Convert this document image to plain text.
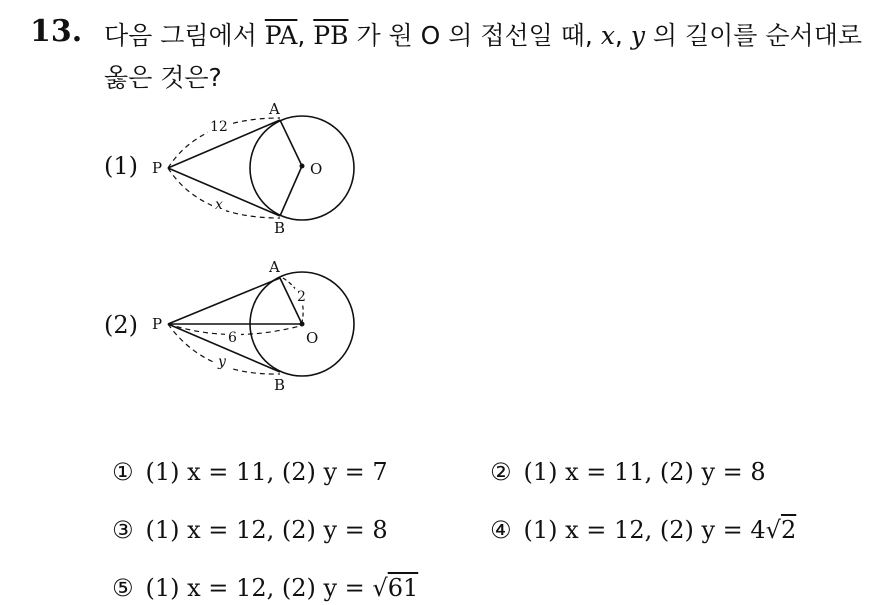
13. 다음 그림에서 $\overline{PA}$, $\overline{PB}$ 가 원 O 의 접선일 때, x, y 의 길이를 순서대로
옳은 것은?
(1) P
A
B
O
12
x
(2) P
A
B
O
2
6
y
① (1) x = 11, (2) y = 7	② (1) x = 11, (2) y = 8
③ (1) x = 12, (2) y = 8	④ (1) x = 12, (2) y = 4√2
⑤ (1) x = 12, (2) y = √61
